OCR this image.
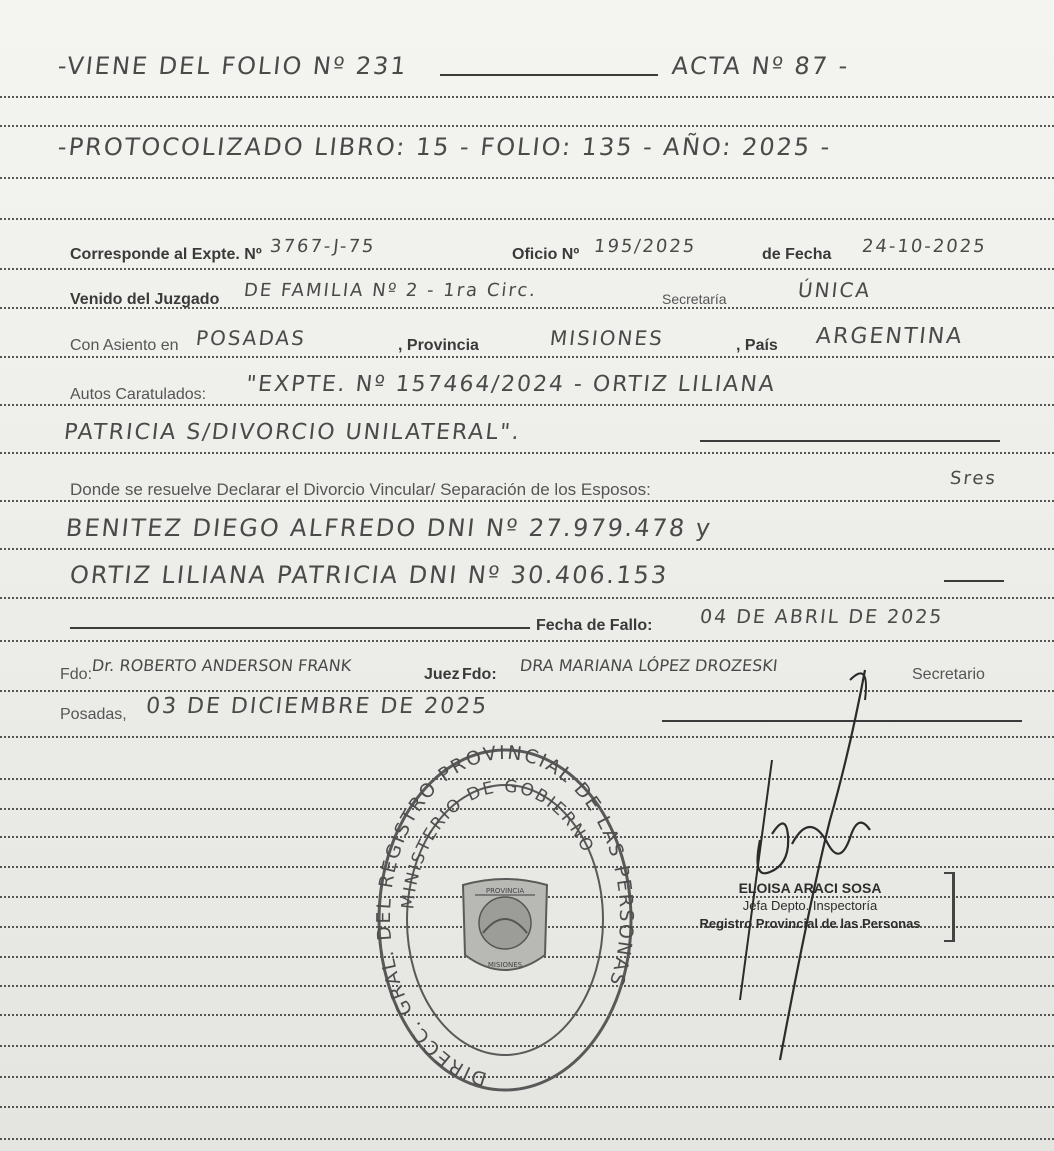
-VIENE DEL FOLIO Nº 231	ACTA Nº 87 -
-PROTOCOLIZADO LIBRO: 15 - FOLIO: 135 - AÑO: 2025 -
Corresponde al Expte. Nº 3767-J-75	Oficio Nº 195/2025	de Fecha 24-10-2025
Venido del Juzgado DE FAMILIA Nº 2 - 1ra Circ.	Secretaría	ÚNICA
Con Asiento en POSADAS	, Provincia	MISIONES	, País ARGENTINA
Autos Caratulados: "EXPTE. Nº 157464/2024 - ORTIZ LILIANA
PATRICIA S/DIVORCIO UNILATERAL".
Donde se resuelve Declarar el Divorcio Vincular/ Separación de los Esposos:
Sres
BENITEZ DIEGO ALFREDO DNI Nº 27.979.478 y
ORTIZ LILIANA PATRICIA DNI Nº 30.406.153
Fecha de Fallo: 04 DE ABRIL DE 2025
Fdo:
Dr. ROBERTO ANDERSON FRANK	Juez Fdo: DRA MARIANA LÓPEZ DROZESKI	Secretario
Posadas, 03 DE DICIEMBRE DE 2025
DIRECC. GRAL. DEL REGISTRO PROVINCIAL DE LAS PERSONAS
MINISTERIO DE GOBIERNO
PROVINCIA
MISIONES
ELOISA ARACI SOSA
Jefa Depto. Inspectoría
Registro Provincial de las Personas
